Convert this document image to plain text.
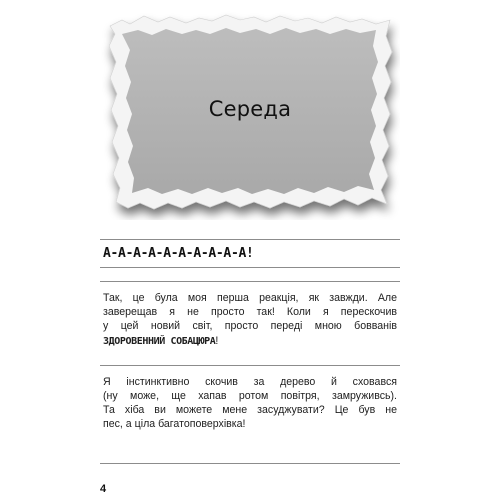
Середа
А-А-А-А-А-А-А-А-А-А!
Так, це була моя перша реакція, як завжди. Але
заверещав я не просто так! Коли я перескочив
у цей новий світ, просто переді мною бовванів
ЗДОРОВЕННИЙ СОБАЦЮРА!
Я інстинктивно скочив за дерево й сховався
(ну може, ще хапав ротом повітря, замруживсь).
Та хіба ви можете мене засуджувати? Це був не
пес, а ціла багатоповерхівка!
4
